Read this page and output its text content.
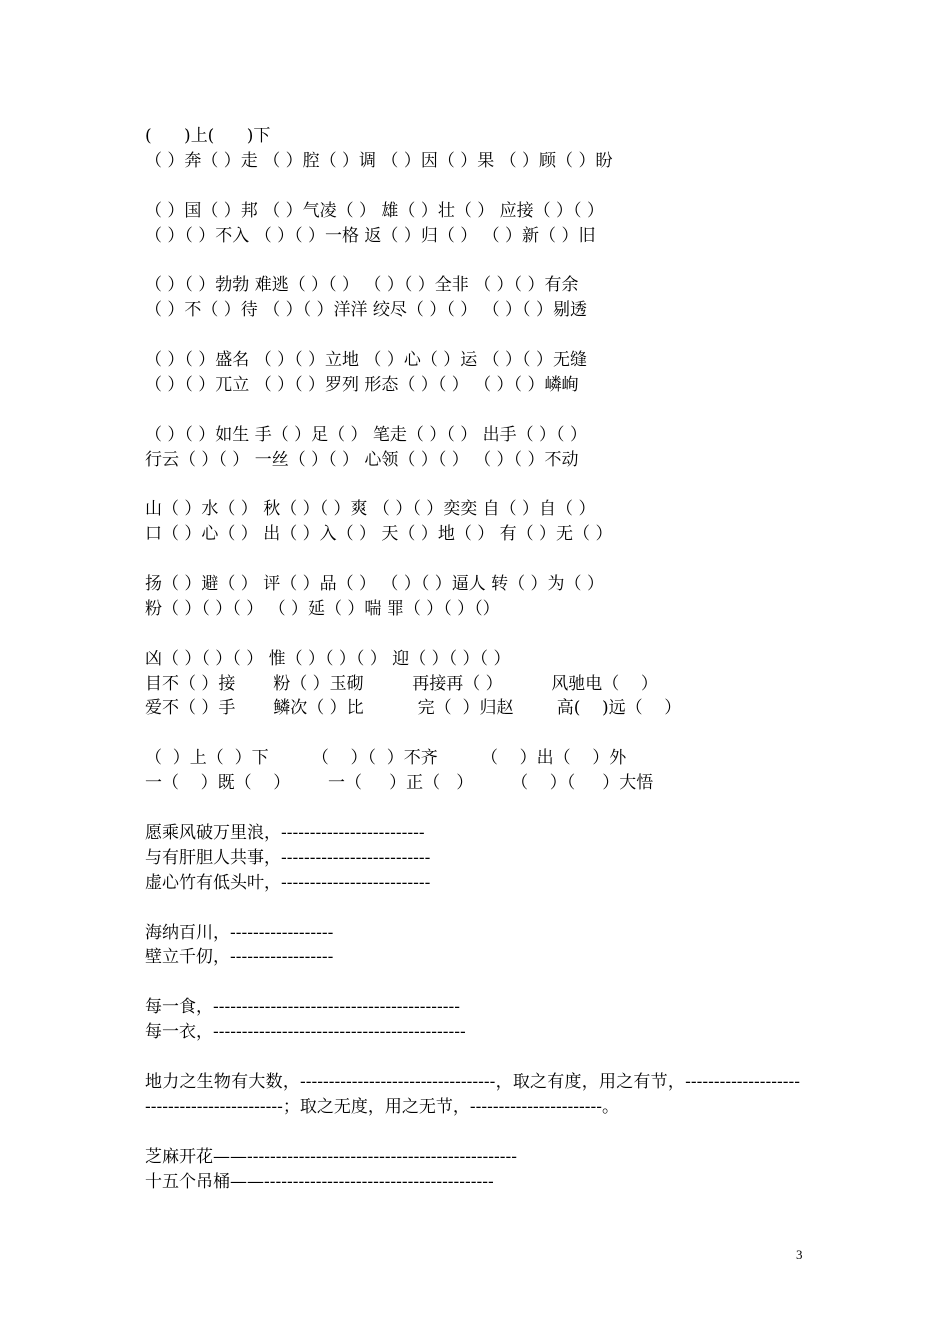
(      )上(      )下
（ ）奔（ ）走 （ ）腔（ ）调 （ ）因（ ）果 （ ）顾（ ）盼
（ ）国（ ）邦 （ ）气凌（ ） 雄（ ）壮（ ） 应接（ ）（ ）
（ ）（ ）不入 （ ）（ ）一格 返（ ）归（ ） （ ）新（ ）旧
（ ）（ ）勃勃 难逃（ ）（ ） （ ）（ ）全非 （ ）（ ）有余
（ ）不（ ）待 （ ）（ ）洋洋 绞尽（ ）（ ） （ ）（ ）剔透
（ ）（ ）盛名 （ ）（ ）立地 （ ）心（ ）运 （ ）（ ）无缝
（ ）（ ）兀立 （ ）（ ）罗列 形态（ ）（ ） （ ）（ ）嶙峋
（ ）（ ）如生 手（ ）足（ ） 笔走（ ）（ ） 出手（ ）（ ）
行云（ ）（ ） 一丝（ ）（ ） 心领（ ）（ ） （ ）（ ）不动
山（ ）水（ ） 秋（ ）（ ）爽 （ ）（ ）奕奕 自（ ）自（ ）
口（ ）心（ ） 出（ ）入（ ） 天（ ）地（ ） 有（ ）无（ ）
扬（ ）避（ ） 评（ ）品（ ） （ ）（ ）逼人 转（ ）为（ ）
粉（ ）（ ）（ ） （ ）延（ ）喘 罪（ ）（ ）（）
凶（ ）（ ）（ ） 惟（ ）（ ）（ ） 迎（ ）（ ）（ ）
目不（ ）接       粉（ ）玉砌         再接再（ ）         风驰电（    ）
爱不（ ）手       鳞次（ ）比          完（  ）归赵        高(    )远（    ）
（  ）上（  ）下        （    ）（  ）不齐        （    ）出（    ）外
一（    ）既（    ）       一（     ）正（   ）       （    ）（     ）大悟
愿乘风破万里浪，-------------------------
与有肝胆人共事，--------------------------
虚心竹有低头叶，--------------------------
海纳百川，------------------
壁立千仞，------------------
每一食，-------------------------------------------
每一衣，--------------------------------------------
地力之生物有大数，----------------------------------，取之有度，用之有节，--------------------------------------------；取之无度，用之无节，-----------------------。
芝麻开花——-----------------------------------------------
十五个吊桶——----------------------------------------
3
